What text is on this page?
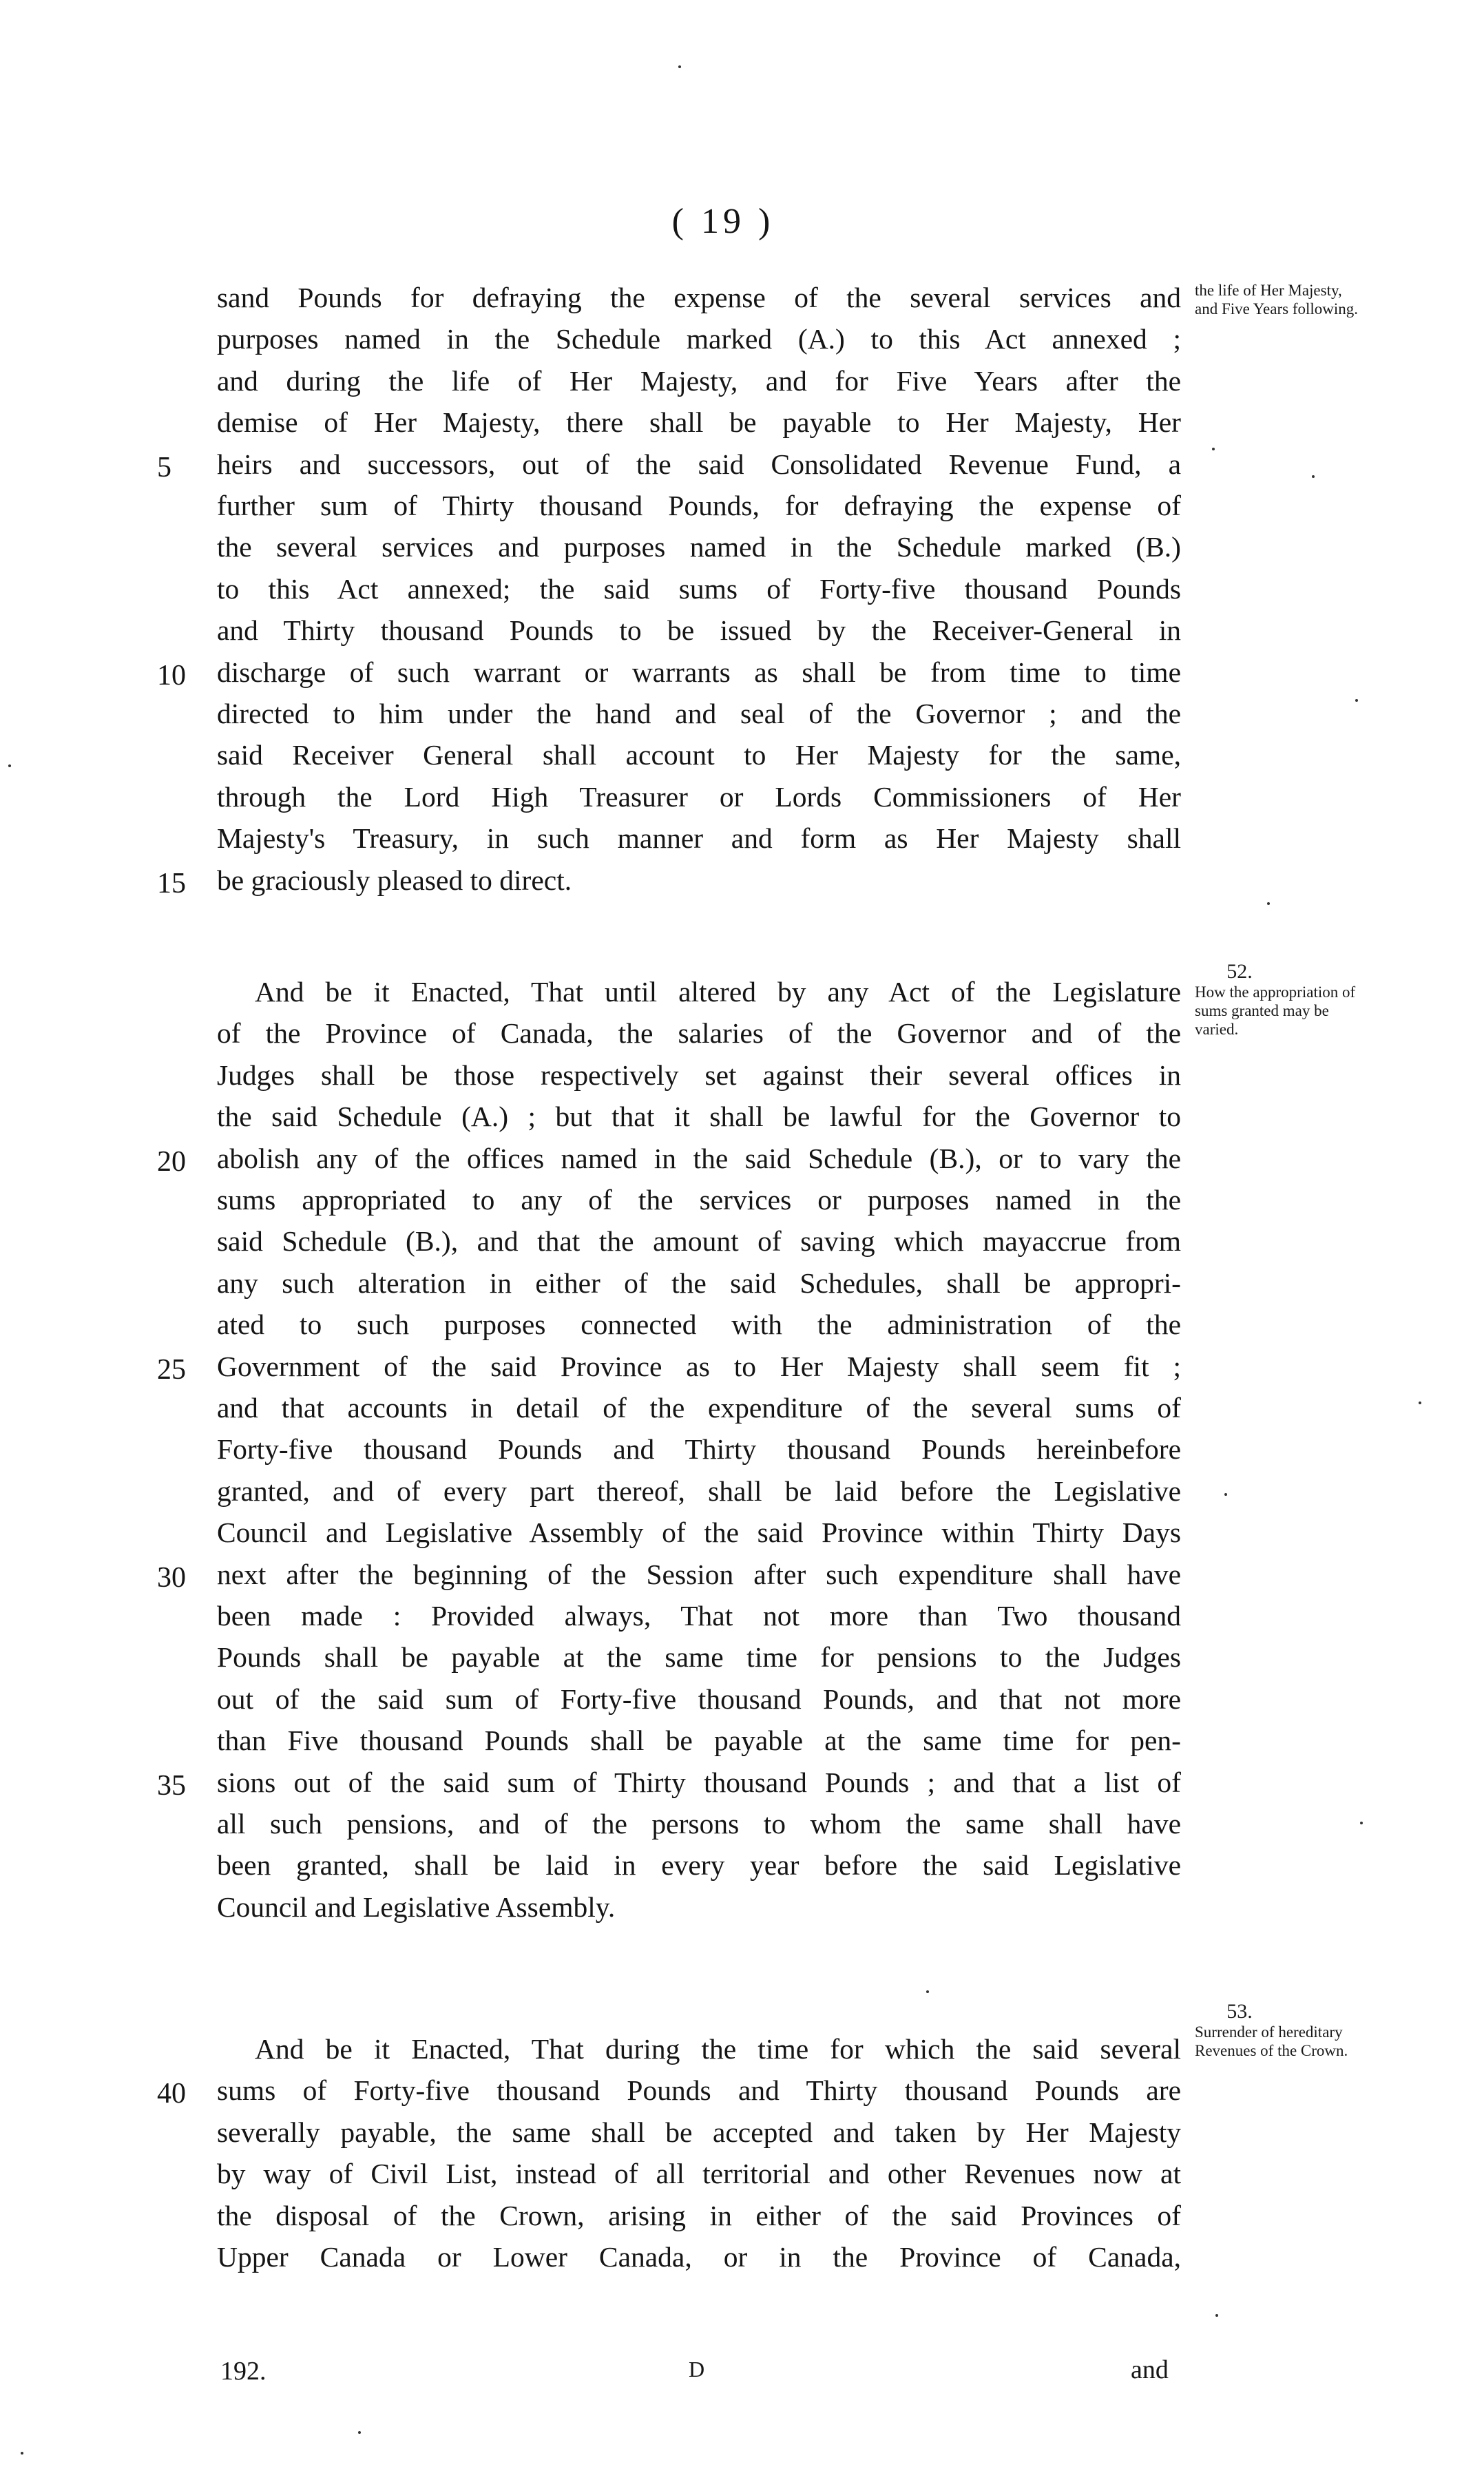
( 19 )
sand Pounds for defraying the expense of the several services and
purposes named in the Schedule marked (A.) to this Act annexed ;
and during the life of Her Majesty, and for Five Years after the
demise of Her Majesty, there shall be payable to Her Majesty, Her
heirs and successors, out of the said Consolidated Revenue Fund, a
5
further sum of Thirty thousand Pounds, for defraying the expense of
the several services and purposes named in the Schedule marked (B.)
to this Act annexed; the said sums of Forty-five thousand Pounds
and Thirty thousand Pounds to be issued by the Receiver-General in
discharge of such warrant or warrants as shall be from time to time
10
directed to him under the hand and seal of the Governor ; and the
said Receiver General shall account to Her Majesty for the same,
through the Lord High Treasurer or Lords Commissioners of Her
Majesty's Treasury, in such manner and form as Her Majesty shall
be graciously pleased to direct.
15
And be it Enacted, That until altered by any Act of the Legislature
of the Province of Canada, the salaries of the Governor and of the
Judges shall be those respectively set against their several offices in
the said Schedule (A.) ; but that it shall be lawful for the Governor to
abolish any of the offices named in the said Schedule (B.), or to vary the
20
sums appropriated to any of the services or purposes named in the
said Schedule (B.), and that the amount of saving which mayaccrue from
any such alteration in either of the said Schedules, shall be appropri-
ated to such purposes connected with the administration of the
Government of the said Province as to Her Majesty shall seem fit ;
25
and that accounts in detail of the expenditure of the several sums of
Forty-five thousand Pounds and Thirty thousand Pounds hereinbefore
granted, and of every part thereof, shall be laid before the Legislative
Council and Legislative Assembly of the said Province within Thirty Days
next after the beginning of the Session after such expenditure shall have
30
been made : Provided always, That not more than Two thousand
Pounds shall be payable at the same time for pensions to the Judges
out of the said sum of Forty-five thousand Pounds, and that not more
than Five thousand Pounds shall be payable at the same time for pen-
sions out of the said sum of Thirty thousand Pounds ; and that a list of
35
all such pensions, and of the persons to whom the same shall have
been granted, shall be laid in every year before the said Legislative
Council and Legislative Assembly.
And be it Enacted, That during the time for which the said several
sums of Forty-five thousand Pounds and Thirty thousand Pounds are
40
severally payable, the same shall be accepted and taken by Her Majesty
by way of Civil List, instead of all territorial and other Revenues now at
the disposal of the Crown, arising in either of the said Provinces of
Upper Canada or Lower Canada, or in the Province of Canada,
the life of Her Majesty, and Five Years following.
52.
How the appropriation of sums granted may be varied.
53.
Surrender of hereditary Revenues of the Crown.
192.	D	and
